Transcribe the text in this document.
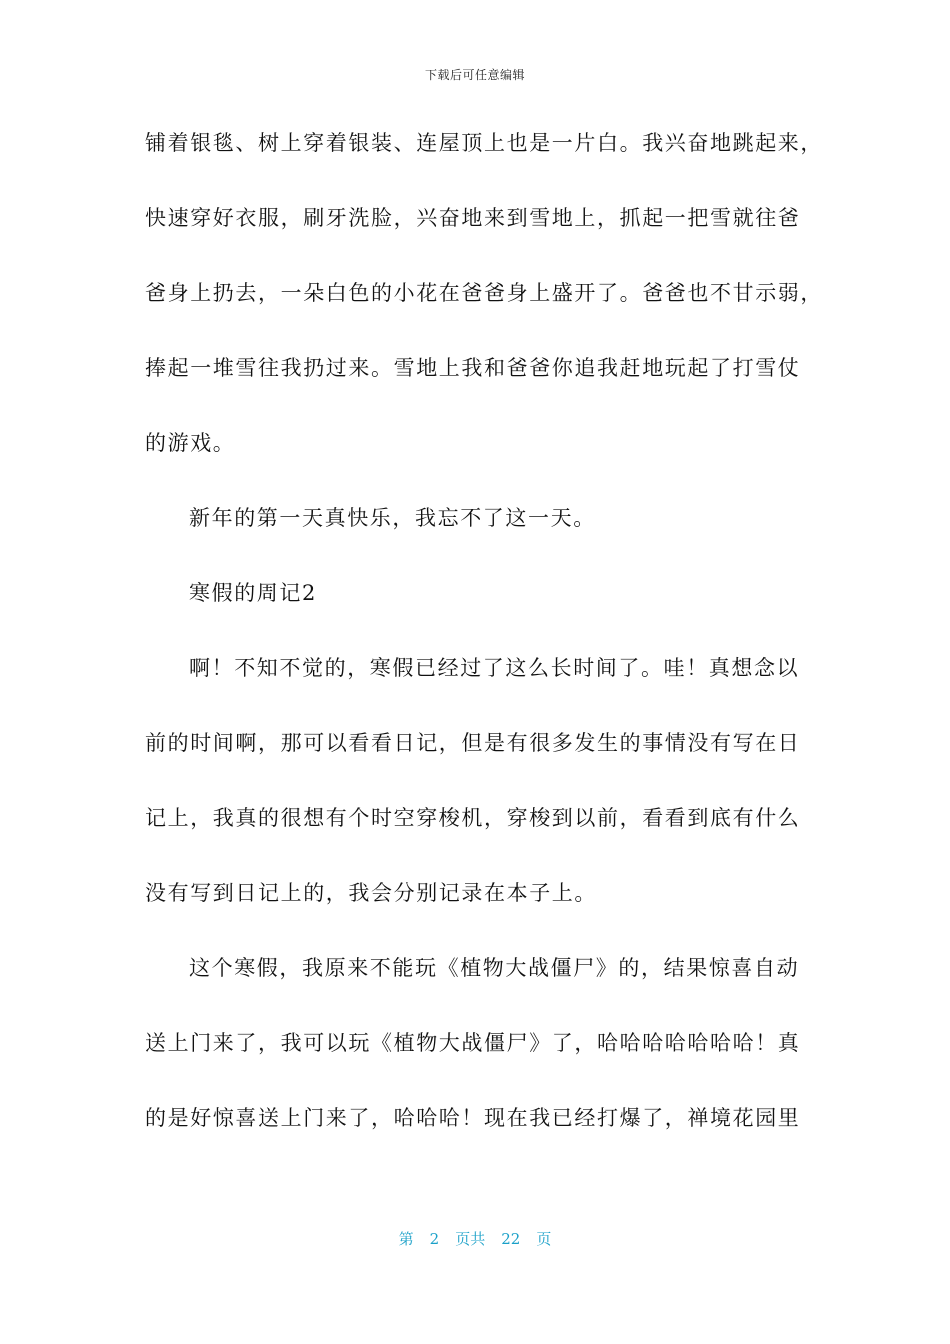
下载后可任意编辑
铺着银毯、树上穿着银装、连屋顶上也是一片白。我兴奋地跳起来，
快速穿好衣服，刷牙洗脸，兴奋地来到雪地上，抓起一把雪就往爸
爸身上扔去，一朵白色的小花在爸爸身上盛开了。爸爸也不甘示弱，
捧起一堆雪往我扔过来。雪地上我和爸爸你追我赶地玩起了打雪仗
的游戏。
新年的第一天真快乐，我忘不了这一天。
寒假的周记2
啊！不知不觉的，寒假已经过了这么长时间了。哇！真想念以
前的时间啊，那可以看看日记，但是有很多发生的事情没有写在日
记上，我真的很想有个时空穿梭机，穿梭到以前，看看到底有什么
没有写到日记上的，我会分别记录在本子上。
这个寒假，我原来不能玩《植物大战僵尸》的，结果惊喜自动
送上门来了，我可以玩《植物大战僵尸》了，哈哈哈哈哈哈哈！真
的是好惊喜送上门来了，哈哈哈！现在我已经打爆了，禅境花园里
第 2 页共 22 页
